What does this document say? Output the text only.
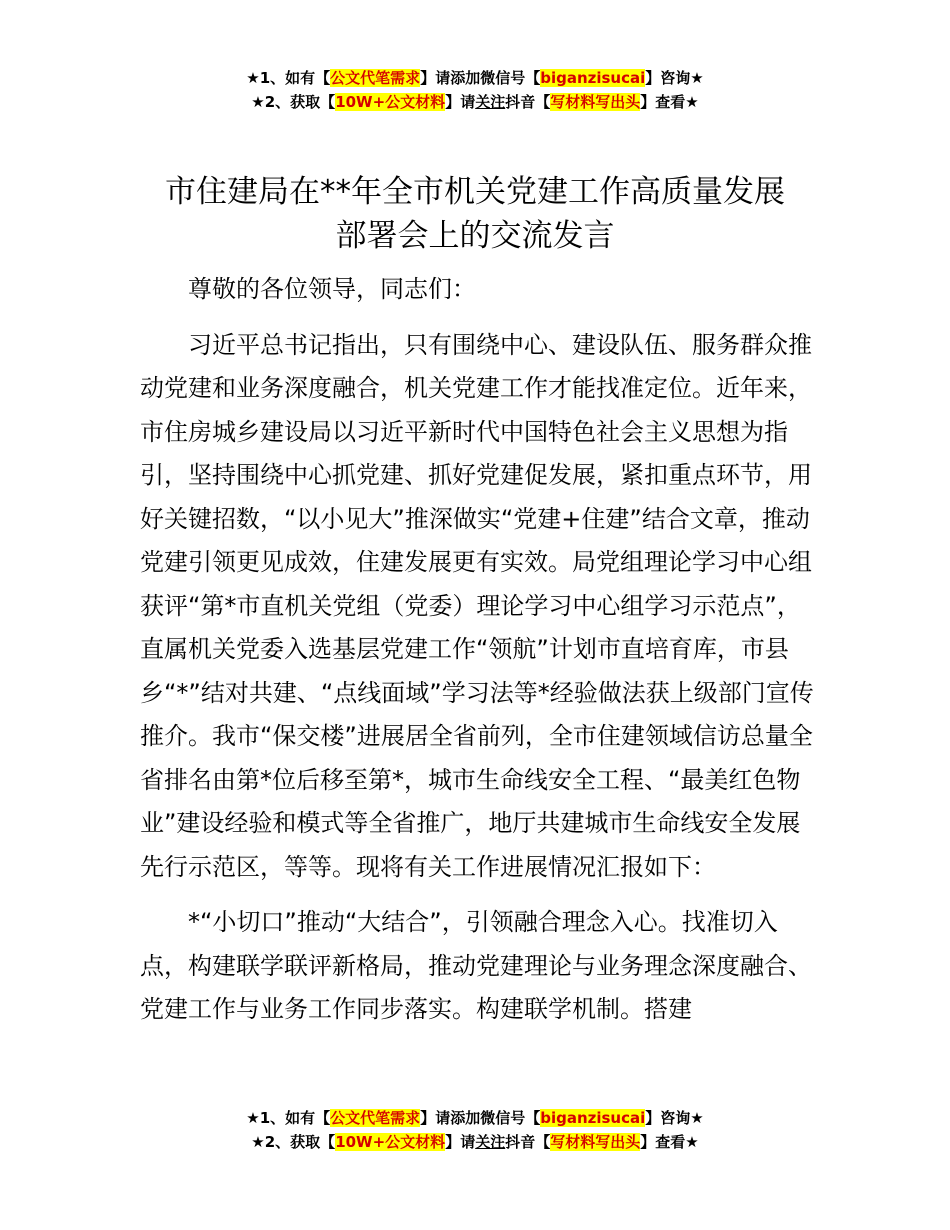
★1、如有【公文代笔需求】请添加微信号【biganzisucai】咨询★
★2、获取【10W+公文材料】请关注抖音【写材料写出头】查看★
市住建局在**年全市机关党建工作高质量发展
部署会上的交流发言

尊敬的各位领导，同志们：

习近平总书记指出，只有围绕中心、建设队伍、服务群众推动党建和业务深度融合，机关党建工作才能找准定位。近年来，市住房城乡建设局以习近平新时代中国特色社会主义思想为指引，坚持围绕中心抓党建、抓好党建促发展，紧扣重点环节，用好关键招数，“以小见大”推深做实“党建+住建”结合文章，推动党建引领更见成效，住建发展更有实效。局党组理论学习中心组获评“第*市直机关党组（党委）理论学习中心组学习示范点”，直属机关党委入选基层党建工作“领航”计划市直培育库，市县乡“*”结对共建、“点线面域”学习法等*经验做法获上级部门宣传推介。我市“保交楼”进展居全省前列，全市住建领域信访总量全省排名由第*位后移至第*，城市生命线安全工程、“最美红色物业”建设经验和模式等全省推广，地厅共建城市生命线安全发展先行示范区，等等。现将有关工作进展情况汇报如下：

*“小切口”推动“大结合”，引领融合理念入心。找准切入点，构建联学联评新格局，推动党建理论与业务理念深度融合、党建工作与业务工作同步落实。构建联学机制。搭建

★1、如有【公文代笔需求】请添加微信号【biganzisucai】咨询★
★2、获取【10W+公文材料】请关注抖音【写材料写出头】查看★
